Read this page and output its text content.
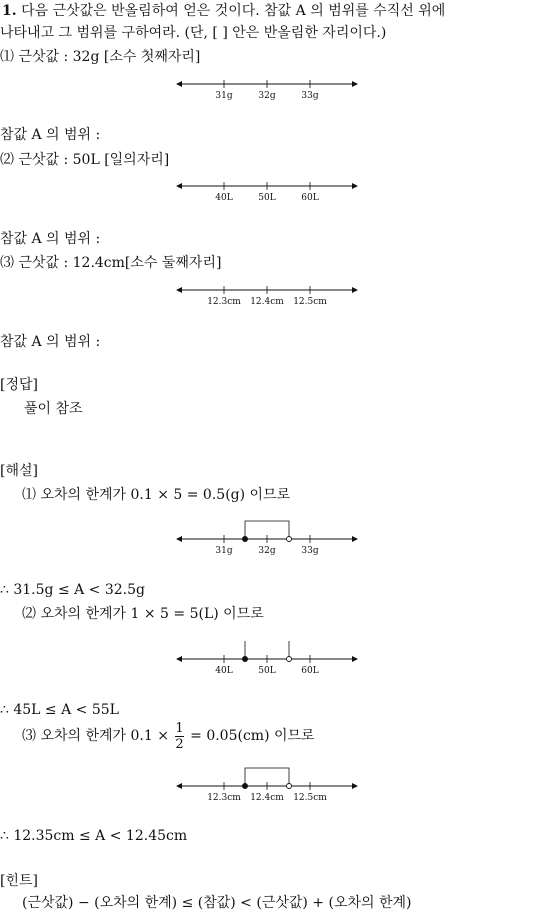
1. 다음 근삿값은 반올림하여 얻은 것이다. 참값 A 의 범위를 수직선 위에
나타내고 그 범위를 구하여라. (단, [ ] 안은 반올림한 자리이다.)
⑴ 근삿값 : 32g [소수 첫째자리]
31g	32g	33g
40L	50L	60L
12.3cm 12.4cm 12.5cm
31g	32g	33g
40L	50L	60L
12.3cm 12.4cm 12.5cm
참값 A 의 범위 :
⑵ 근삿값 : 50L [일의자리]
참값 A 의 범위 :
⑶ 근삿값 : 12.4cm[소수 둘째자리]
참값 A 의 범위 :
[정답]
풀이 참조
[해설]
⑴ 오차의 한계가 0.1 × 5 = 0.5(g) 이므로
∴ 31.5g ≤ A < 32.5g
⑵ 오차의 한계가 1 × 5 = 5(L) 이므로
∴ 45L ≤ A < 55L
⑶ 오차의 한계가 $0.1 \times \frac{1}{2} = 0.05(cm)$ 이므로
∴ 12.35cm ≤ A < 12.45cm
[힌트]
(근삿값) − (오차의 한계) ≤ (참값) < (근삿값) + (오차의 한계)
